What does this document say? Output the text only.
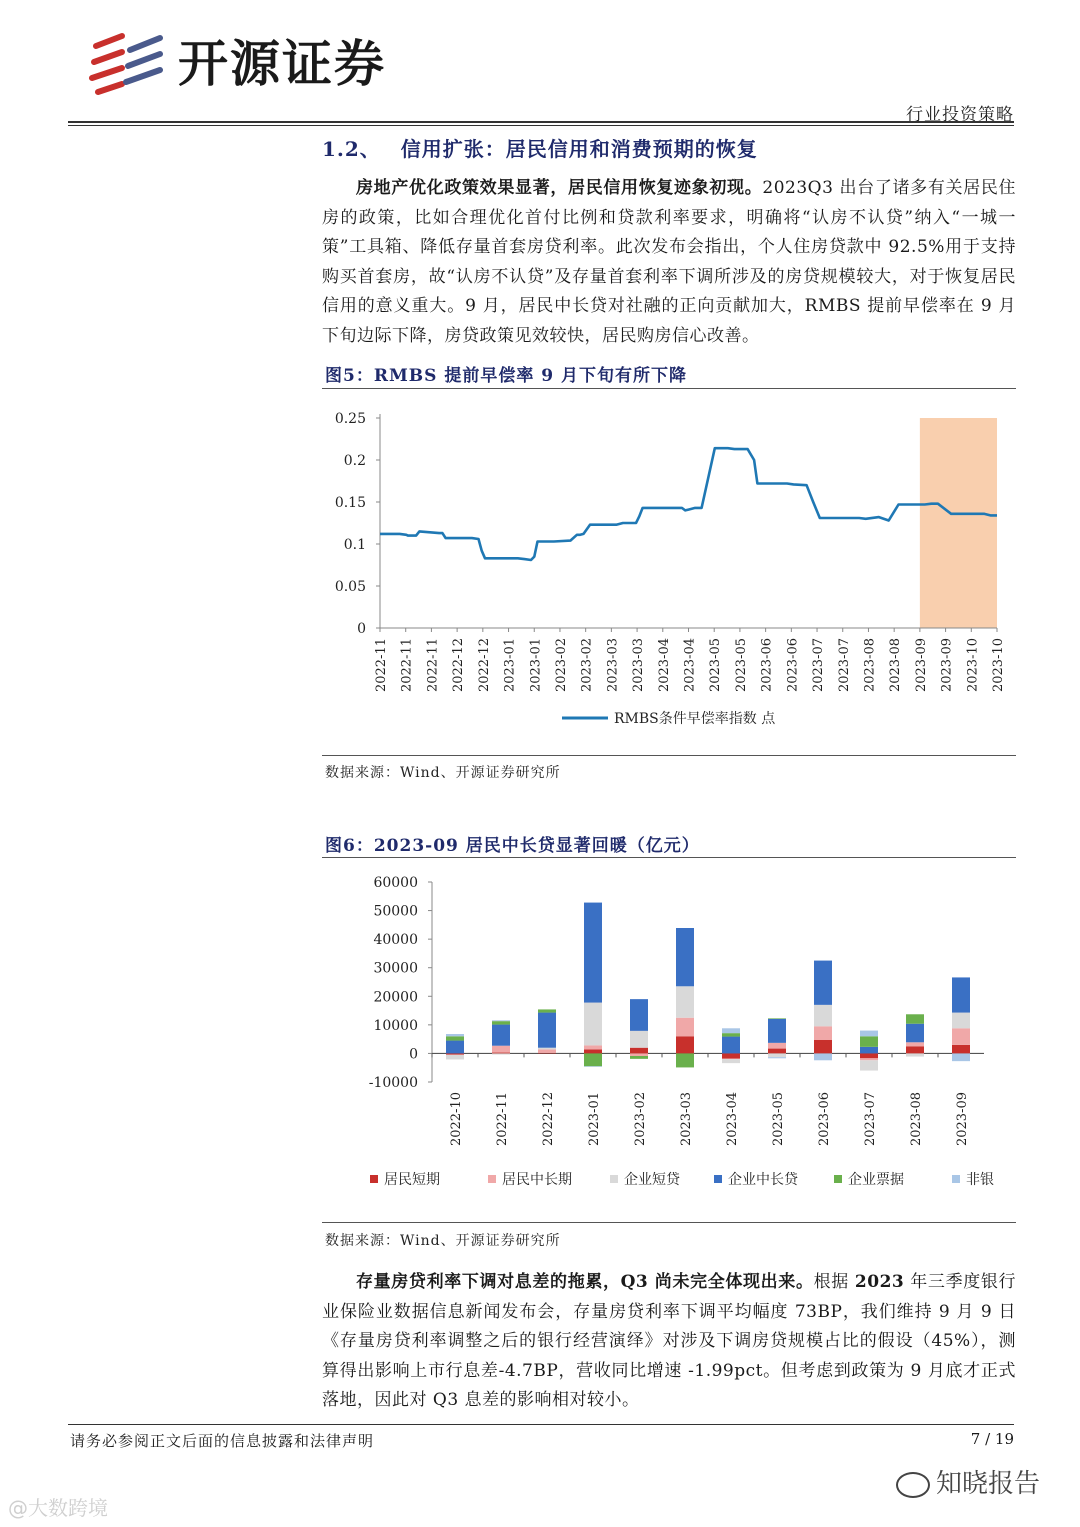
开源证券
行业投资策略
1.2、 信用扩张：居民信用和消费预期的恢复
房地产优化政策效果显著，居民信用恢复迹象初现。2023Q3 出台了诸多有关居民住房的政策，比如合理优化首付比例和贷款利率要求，明确将“认房不认贷”纳入“一城一策”工具箱、降低存量首套房贷利率。此次发布会指出，个人住房贷款中 92.5%用于支持购买首套房，故“认房不认贷”及存量首套利率下调所涉及的房贷规模较大，对于恢复居民信用的意义重大。9 月，居民中长贷对社融的正向贡献加大，RMBS 提前早偿率在 9 月下旬边际下降，房贷政策见效较快，居民购房信心改善。
图5：RMBS 提前早偿率 9 月下旬有所下降
0
0.05
0.1
0.15
0.2
0.25
2022-11 2022-11 2022-11 2022-12 2022-12 2023-01 2023-01 2023-02 2023-02 2023-03 2023-03 2023-04 2023-04 2023-05 2023-05 2023-06 2023-06 2023-07 2023-07 2023-08 2023-08 2023-09 2023-09 2023-10 2023-10
RMBS条件早偿率指数 点
数据来源：Wind、开源证券研究所
图6：2023-09 居民中长贷显著回暖（亿元）
-10000
0
10000
20000
30000
40000
50000
60000
2022-10 2022-11 2022-12 2023-01 2023-02 2023-03 2023-04 2023-05 2023-06 2023-07 2023-08 2023-09
居民短期	居民中长期	企业短贷	企业中长贷	企业票据	非银
数据来源：Wind、开源证券研究所
存量房贷利率下调对息差的拖累，Q3 尚未完全体现出来。根据 2023 年三季度银行业保险业数据信息新闻发布会，存量房贷利率下调平均幅度 73BP，我们维持 9 月 9 日《存量房贷利率调整之后的银行经营演绎》对涉及下调房贷规模占比的假设（45%），测算得出影响上市行息差-4.7BP，营收同比增速 -1.99pct。但考虑到政策为 9 月底才正式落地，因此对 Q3 息差的影响相对较小。
请务必参阅正文后面的信息披露和法律声明	7 / 19
@大数跨境
知晓报告
